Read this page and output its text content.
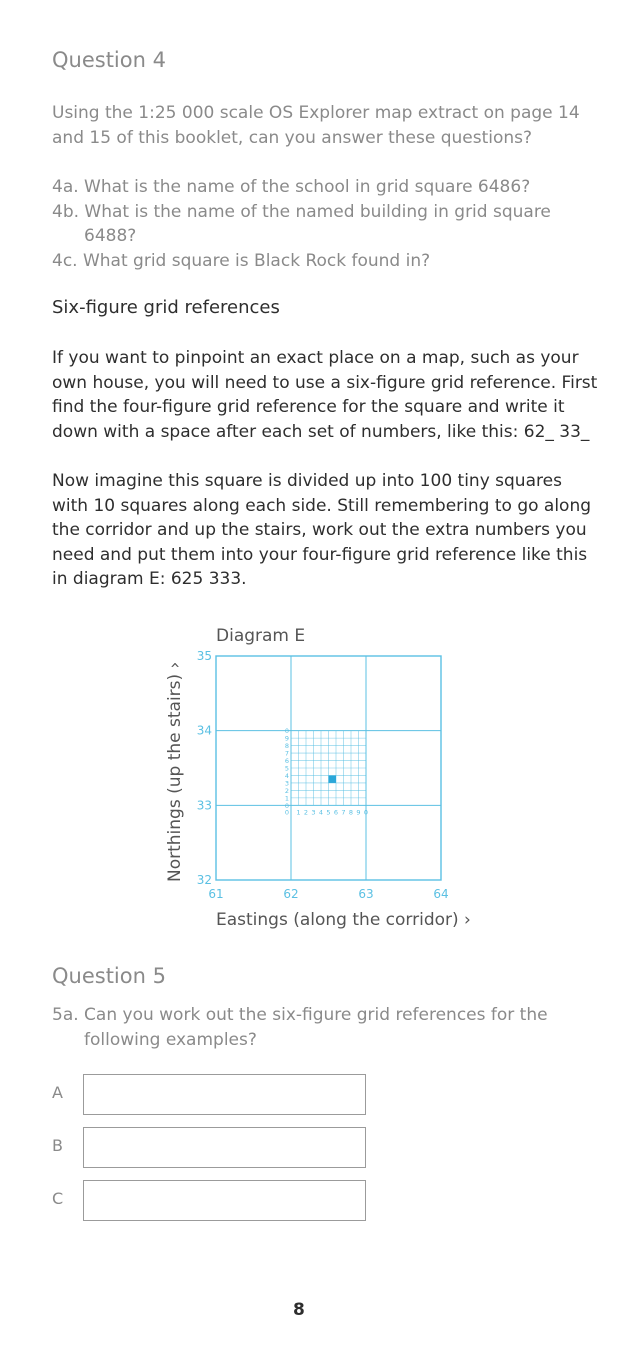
Question 4
Using the 1:25 000 scale OS Explorer map extract on page 14 and 15 of this booklet, can you answer these questions?
4a. What is the name of the school in grid square 6486?
4b. What is the name of the named building in grid square 6488?
4c. What grid square is Black Rock found in?
Six-figure grid references
If you want to pinpoint an exact place on a map, such as your own house, you will need to use a six-figure grid reference. First find the four-figure grid reference for the square and write it down with a space after each set of numbers, like this: 62_ 33_
Now imagine this square is divided up into 100 tiny squares with 10 squares along each side. Still remembering to go along the corridor and up the stairs, work out the extra numbers you need and put them into your four-figure grid reference like this in diagram E: 625 333.
Diagram E
Northings (up the stairs) ›
Eastings (along the corridor) ›
61	62	63	64
32
33
34
35
0 1 2 3 4 5 6 7 8 9 0
0
1
2
3
4
5
6
7
8
9
0
Question 5
5a. Can you work out the six-figure grid references for the following examples?
A
B
C
8
